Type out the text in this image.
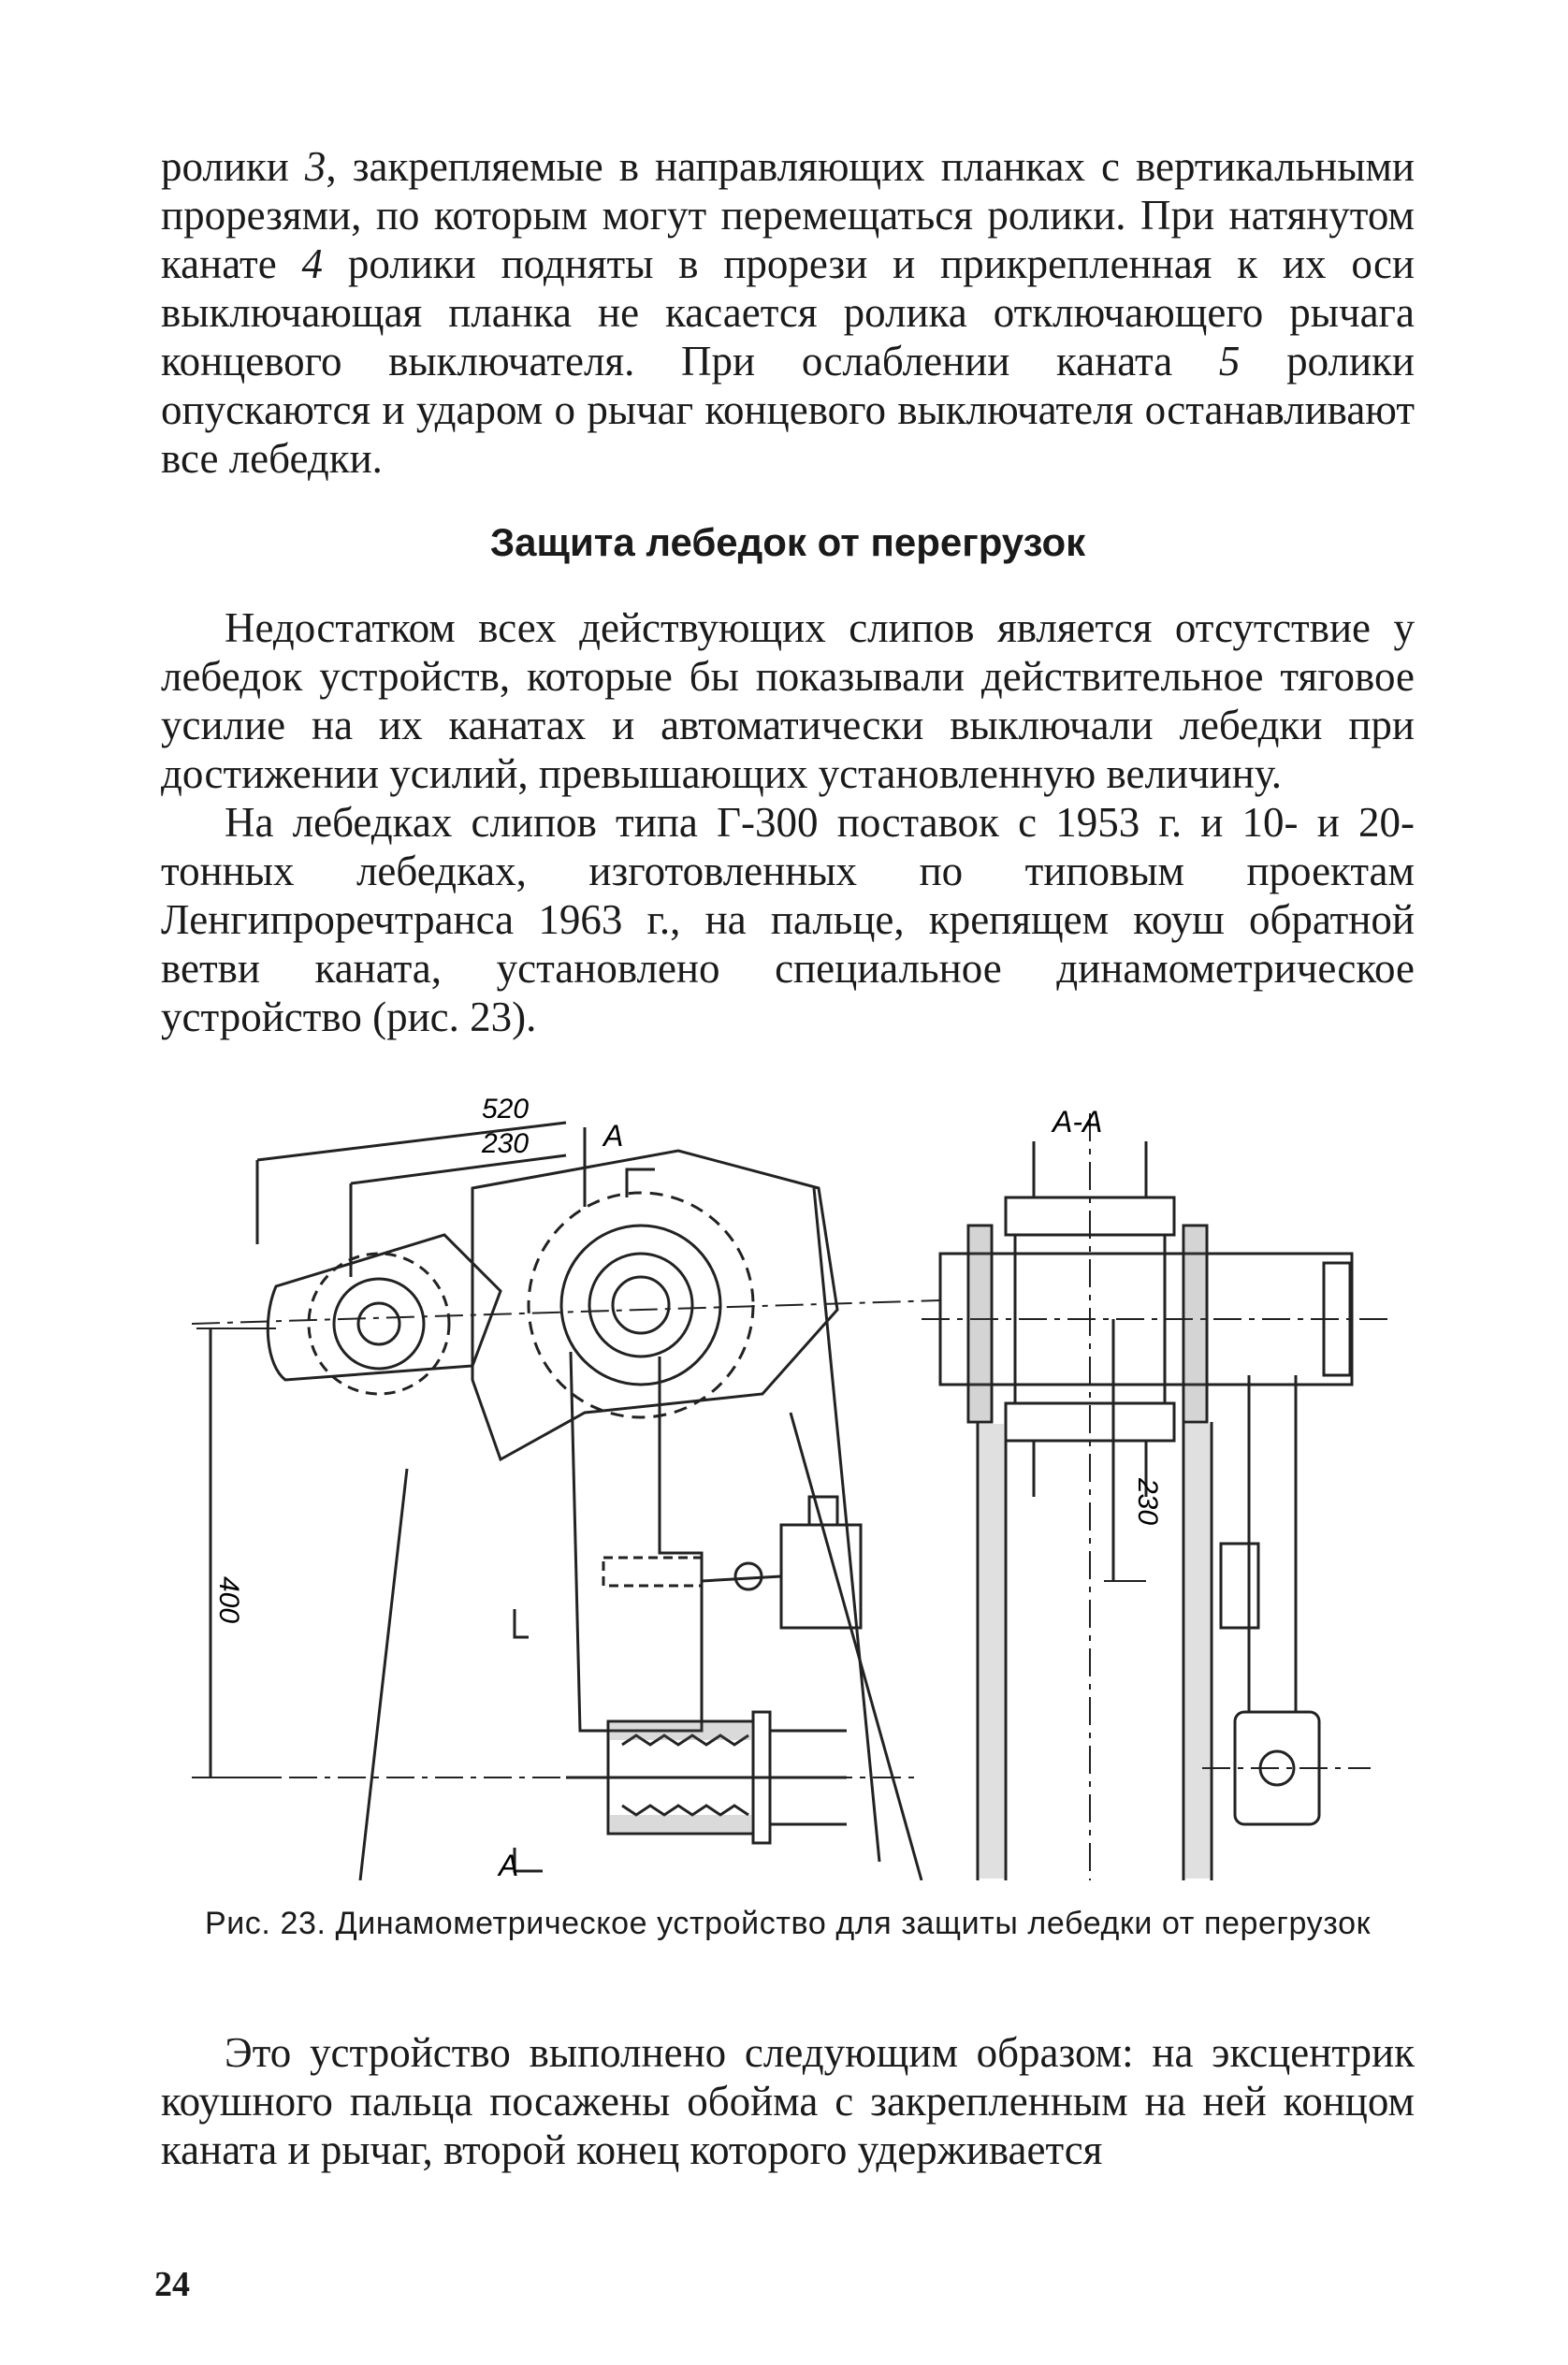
ролики 3, закрепляемые в направляющих планках с вертикальными прорезями, по которым могут перемещаться ролики. При натянутом канате 4 ролики подняты в прорези и прикрепленная к их оси выключающая планка не касается ролика отключающего рычага концевого выключателя. При ослаблении каната 5 ролики опускаются и ударом о рычаг концевого выключателя останавливают все лебедки.

Защита лебедок от перегрузок

Недостатком всех действующих слипов является отсутствие у лебедок устройств, которые бы показывали действительное тяговое усилие на их канатах и автоматически выключали лебедки при достижении усилий, превышающих установленную величину.

На лебедках слипов типа Г-300 поставок с 1953 г. и 10- и 20-тонных лебедках, изготовленных по типовым проектам Ленгипроречтранса 1963 г., на пальце, крепящем коуш обратной ветви каната, установлено специальное динамометрическое устройство (рис. 23).

520
230 A	A-A
A
230
400
Рис. 23. Динамометрическое устройство для защиты лебедки от перегрузок

Это устройство выполнено следующим образом: на эксцентрик коушного пальца посажены обойма с закрепленным на ней концом каната и рычаг, второй конец которого удерживается

24
